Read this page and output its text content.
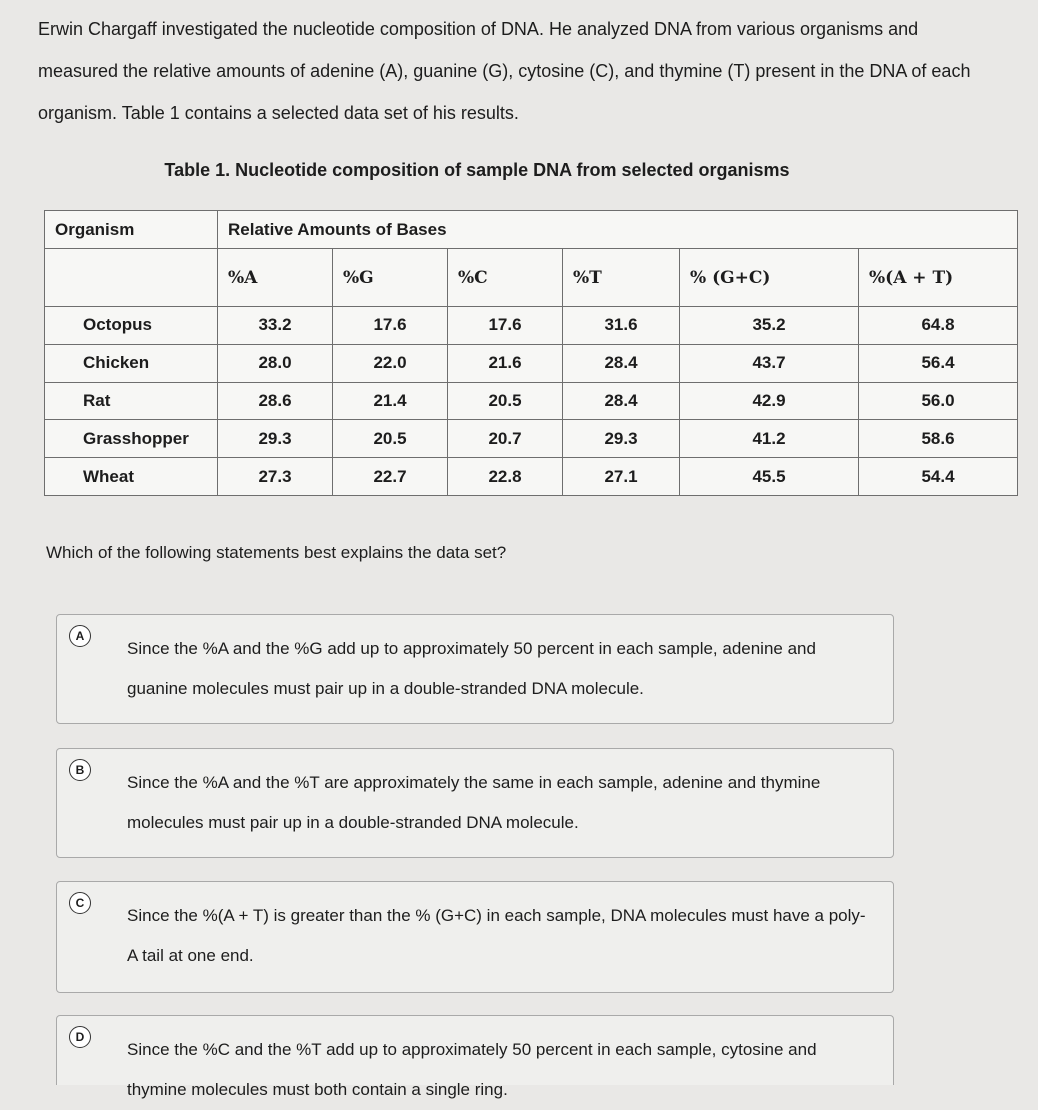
Erwin Chargaff investigated the nucleotide composition of DNA. He analyzed DNA from various organisms and measured the relative amounts of adenine (A), guanine (G), cytosine (C), and thymine (T) present in the DNA of each organism. Table 1 contains a selected data set of his results.
Table 1. Nucleotide composition of sample DNA from selected organisms
Organism	Relative Amounts of Bases					
	%A	%G	%C	%T	% (G+C)	%(A + T)
Octopus	33.2	17.6	17.6	31.6	35.2	64.8
Chicken	28.0	22.0	21.6	28.4	43.7	56.4
Rat	28.6	21.4	20.5	28.4	42.9	56.0
Grasshopper	29.3	20.5	20.7	29.3	41.2	58.6
Wheat	27.3	22.7	22.8	27.1	45.5	54.4
Which of the following statements best explains the data set?
A
Since the %A and the %G add up to approximately 50 percent in each sample, adenine and guanine molecules must pair up in a double-stranded DNA molecule.
B
Since the %A and the %T are approximately the same in each sample, adenine and thymine molecules must pair up in a double-stranded DNA molecule.
C
Since the %(A + T) is greater than the % (G+C) in each sample, DNA molecules must have a poly-A tail at one end.
D
Since the %C and the %T add up to approximately 50 percent in each sample, cytosine and thymine molecules must both contain a single ring.
